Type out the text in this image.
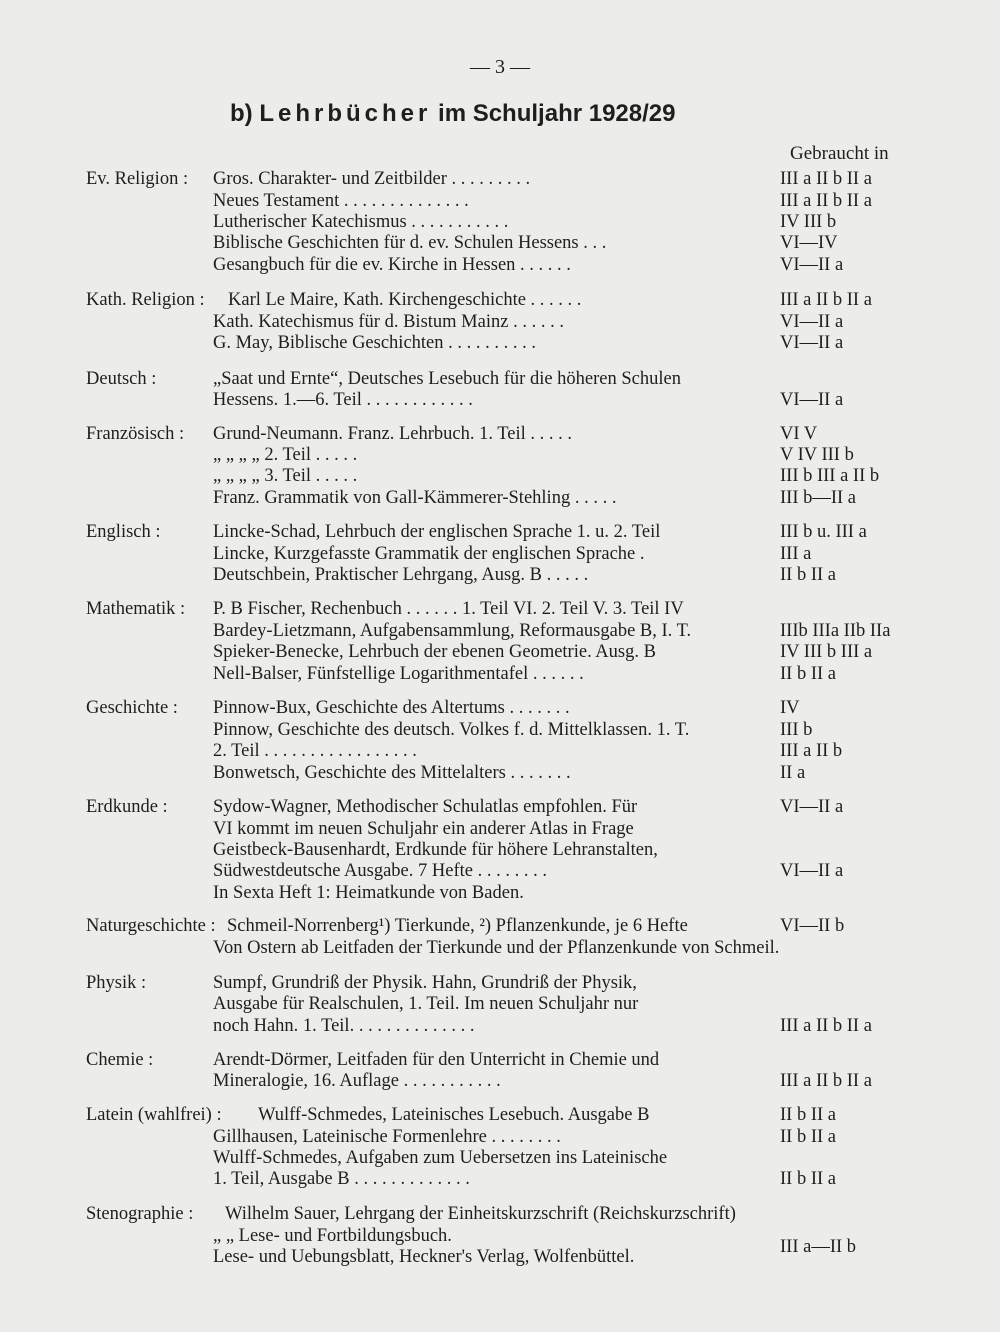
— 3 —
b) Lehrbücher im Schuljahr 1928/29
Gebraucht in
Ev. Religion : Gros. Charakter- und Zeitbilder . . . . . . . . .	III a II b II a
Neues Testament . . . . . . . . . . . . . .	III a II b II a
Lutherischer Katechismus . . . . . . . . . . .	IV III b
Biblische Geschichten für d. ev. Schulen Hessens . . .	VI—IV
Gesangbuch für die ev. Kirche in Hessen . . . . . .	VI—II a
Kath. Religion : Karl Le Maire, Kath. Kirchengeschichte . . . . . .	III a II b II a
Kath. Katechismus für d. Bistum Mainz . . . . . .	VI—II a
G. May, Biblische Geschichten . . . . . . . . . .	VI—II a
Deutsch :	„Saat und Ernte“, Deutsches Lesebuch für die höheren Schulen
Hessens. 1.—6. Teil . . . . . . . . . . . .	VI—II a
Französisch : Grund-Neumann. Franz. Lehrbuch. 1. Teil . . . . .	VI V
„ „ „ „ 2. Teil . . . . .	V IV III b
„ „ „ „ 3. Teil . . . . .	III b III a II b
Franz. Grammatik von Gall-Kämmerer-Stehling . . . . .	III b—II a
Englisch :	Lincke-Schad, Lehrbuch der englischen Sprache 1. u. 2. Teil	III b u. III a
Lincke, Kurzgefasste Grammatik der englischen Sprache .	III a
Deutschbein, Praktischer Lehrgang, Ausg. B . . . . .	II b II a
Mathematik : P. B Fischer, Rechenbuch . . . . . . 1. Teil VI. 2. Teil V. 3. Teil IV
Bardey-Lietzmann, Aufgabensammlung, Reformausgabe B, I. T.	IIIb IIIa IIb IIa
Spieker-Benecke, Lehrbuch der ebenen Geometrie. Ausg. B	IV III b III a
Nell-Balser, Fünfstellige Logarithmentafel . . . . . .	II b II a
Geschichte : Pinnow-Bux, Geschichte des Altertums . . . . . . .	IV
Pinnow, Geschichte des deutsch. Volkes f. d. Mittelklassen. 1. T.	III b
2. Teil . . . . . . . . . . . . . . . . .	III a II b
Bonwetsch, Geschichte des Mittelalters . . . . . . .	II a
Erdkunde : Sydow-Wagner, Methodischer Schulatlas empfohlen. Für	VI—II a
VI kommt im neuen Schuljahr ein anderer Atlas in Frage
Geistbeck-Bausenhardt, Erdkunde für höhere Lehranstalten,
Südwestdeutsche Ausgabe. 7 Hefte . . . . . . . .	VI—II a
In Sexta Heft 1: Heimatkunde von Baden.
Naturgeschichte : Schmeil-Norrenberg¹) Tierkunde, ²) Pflanzenkunde, je 6 Hefte	VI—II b
Von Ostern ab Leitfaden der Tierkunde und der Pflanzenkunde von Schmeil.
Physik :	Sumpf, Grundriß der Physik. Hahn, Grundriß der Physik,
Ausgabe für Realschulen, 1. Teil. Im neuen Schuljahr nur
noch Hahn. 1. Teil. . . . . . . . . . . . . .	III a II b II a
Chemie :	Arendt-Dörmer, Leitfaden für den Unterricht in Chemie und
Mineralogie, 16. Auflage . . . . . . . . . . .	III a II b II a
Latein (wahlfrei) : Wulff-Schmedes, Lateinisches Lesebuch. Ausgabe B	II b II a
Gillhausen, Lateinische Formenlehre . . . . . . . .	II b II a
Wulff-Schmedes, Aufgaben zum Uebersetzen ins Lateinische
1. Teil, Ausgabe B . . . . . . . . . . . . .	II b II a
Stenographie : Wilhelm Sauer, Lehrgang der Einheitskurzschrift (Reichskurzschrift)
„ „ Lese- und Fortbildungsbuch.
Lese- und Uebungsblatt, Heckner's Verlag, Wolfenbüttel.	III a—II b
